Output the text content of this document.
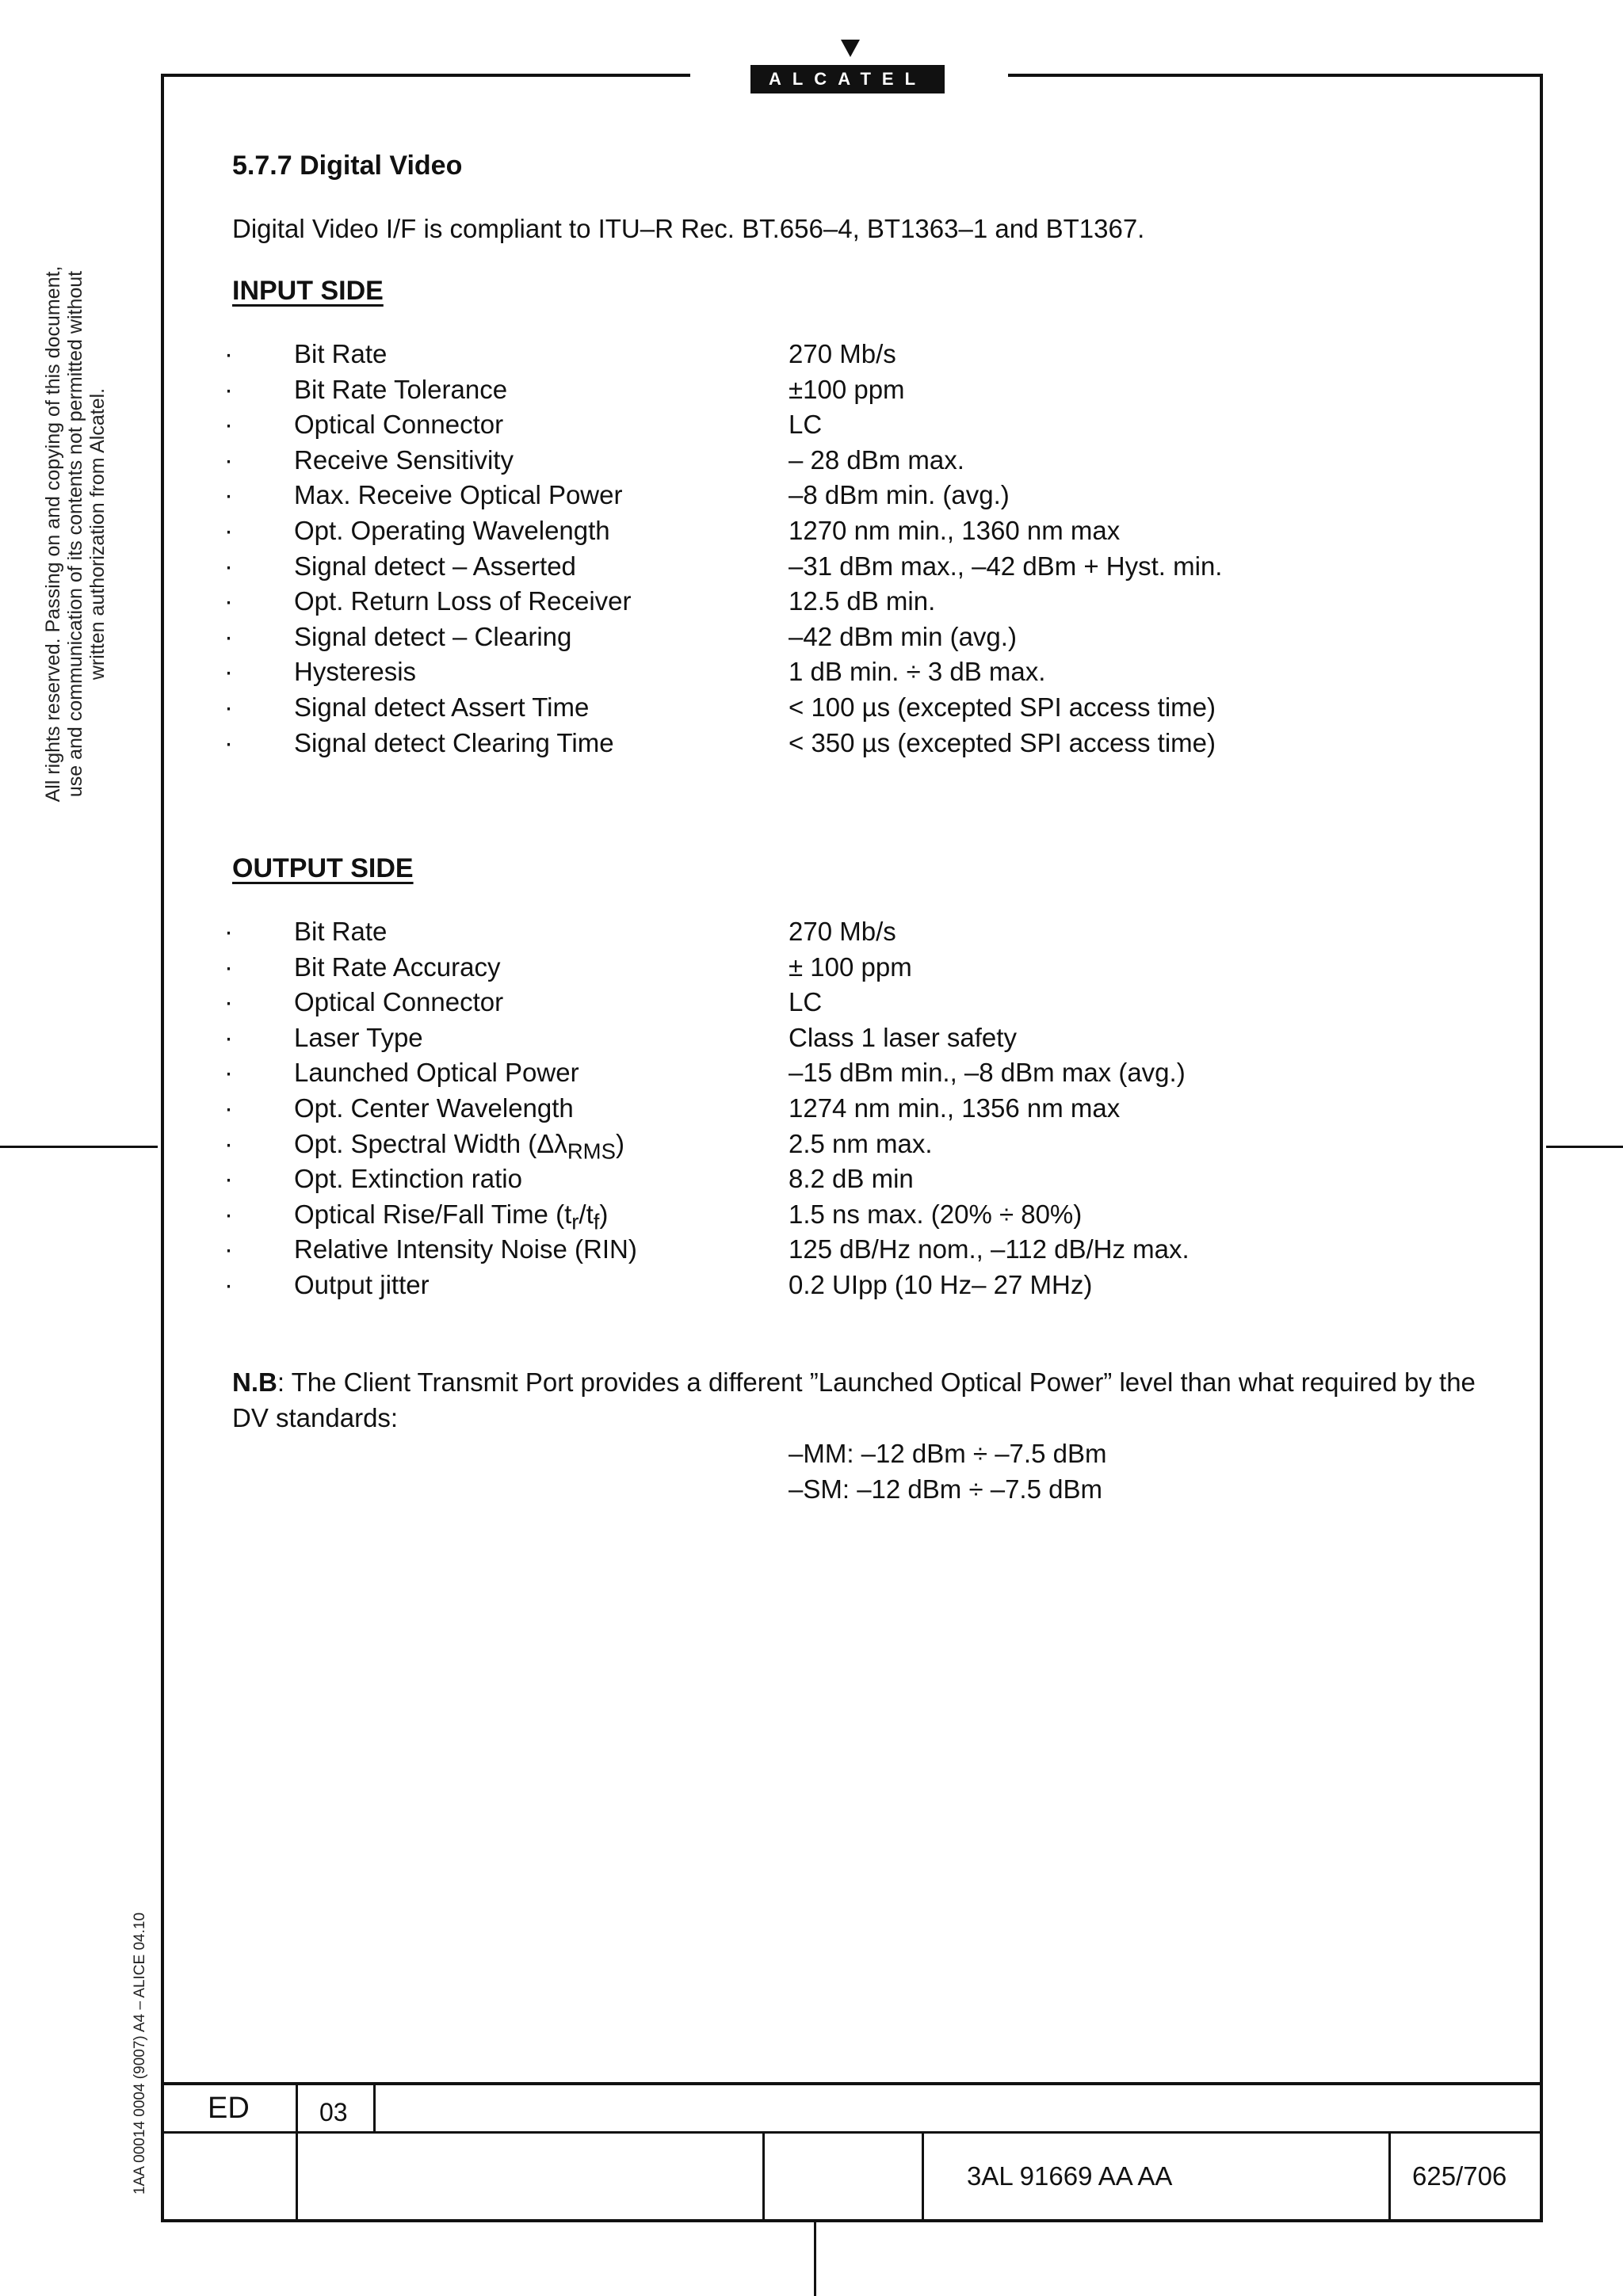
ALCATEL
All rights reserved. Passing on and copying of this document, use and communication of its contents not permitted without written authorization from Alcatel.
1AA 00014 0004 (9007) A4 – ALICE 04.10
5.7.7 Digital Video
Digital Video I/F is compliant to ITU–R Rec. BT.656–4, BT1363–1 and BT1367.
INPUT SIDE
· Bit Rate	270 Mb/s
· Bit Rate Tolerance	±100 ppm
· Optical Connector	LC
· Receive Sensitivity	– 28 dBm max.
· Max. Receive Optical Power	–8 dBm min. (avg.)
· Opt. Operating Wavelength	1270 nm min., 1360 nm max
· Signal detect – Asserted	–31 dBm max., –42 dBm + Hyst. min.
· Opt. Return Loss of Receiver	12.5 dB min.
· Signal detect – Clearing	–42 dBm min (avg.)
· Hysteresis	1 dB min. ÷ 3 dB max.
· Signal detect Assert Time	< 100 µs (excepted SPI access time)
· Signal detect Clearing Time	< 350 µs (excepted SPI access time)
OUTPUT SIDE
· Bit Rate	270 Mb/s
· Bit Rate Accuracy	± 100 ppm
· Optical Connector	LC
· Laser Type	Class 1 laser safety
· Launched Optical Power	–15 dBm min., –8 dBm max (avg.)
· Opt. Center Wavelength	1274 nm min., 1356 nm max
· Opt. Spectral Width $(\Delta\lambda_{RMS})$	2.5 nm max.
· Opt. Extinction ratio	8.2 dB min
· Optical Rise/Fall Time $(t_r/t_f)$	1.5 ns max. (20% ÷ 80%)
· Relative Intensity Noise (RIN)	125 dB/Hz nom., –112 dB/Hz max.
· Output jitter	0.2 UIpp (10 Hz– 27 MHz)
N.B: The Client Transmit Port provides a different ”Launched Optical Power” level than what required by the DV standards:
–MM: –12 dBm ÷ –7.5 dBm
–SM: –12 dBm ÷ –7.5 dBm
ED	03
3AL 91669 AA AA	625/706
